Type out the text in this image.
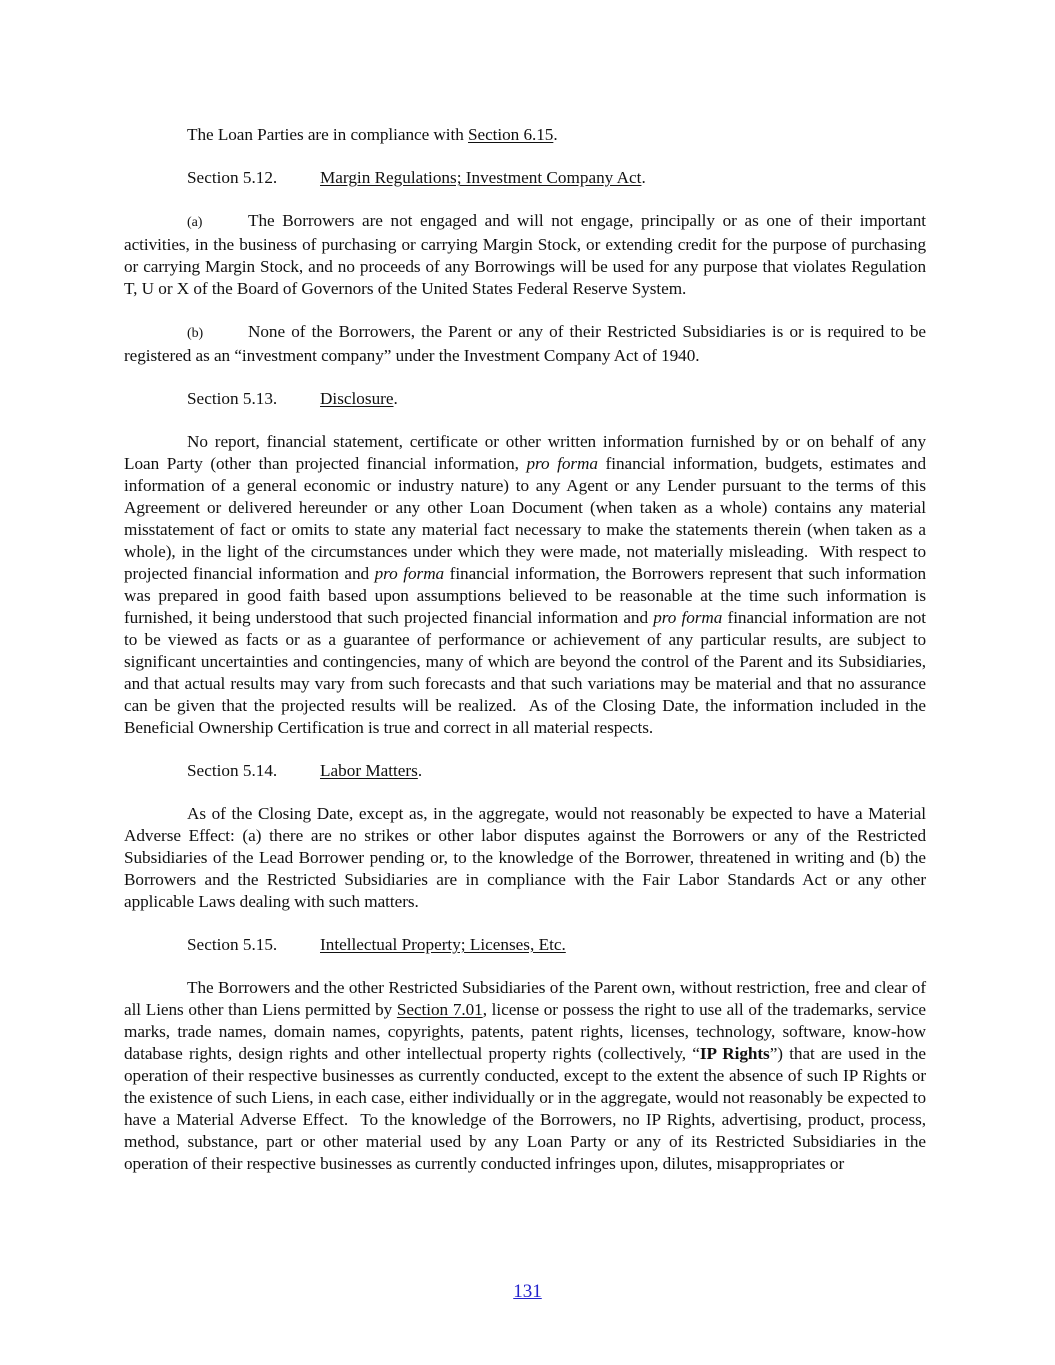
The Loan Parties are in compliance with Section 6.15.

Section 5.12. Margin Regulations; Investment Company Act.

(a)	The Borrowers are not engaged and will not engage, principally or as one of their important activities, in the business of purchasing or carrying Margin Stock, or extending credit for the purpose of purchasing or carrying Margin Stock, and no proceeds of any Borrowings will be used for any purpose that violates Regulation T, U or X of the Board of Governors of the United States Federal Reserve System.

(b)	None of the Borrowers, the Parent or any of their Restricted Subsidiaries is or is required to be registered as an “investment company” under the Investment Company Act of 1940.

Section 5.13. Disclosure.

No report, financial statement, certificate or other written information furnished by or on behalf of any Loan Party (other than projected financial information, pro forma financial information, budgets, estimates and information of a general economic or industry nature) to any Agent or any Lender pursuant to the terms of this Agreement or delivered hereunder or any other Loan Document (when taken as a whole) contains any material misstatement of fact or omits to state any material fact necessary to make the statements therein (when taken as a whole), in the light of the circumstances under which they were made, not materially misleading.  With respect to projected financial information and pro forma financial information, the Borrowers represent that such information was prepared in good faith based upon assumptions believed to be reasonable at the time such information is furnished, it being understood that such projected financial information and pro forma financial information are not to be viewed as facts or as a guarantee of performance or achievement of any particular results, are subject to significant uncertainties and contingencies, many of which are beyond the control of the Parent and its Subsidiaries, and that actual results may vary from such forecasts and that such variations may be material and that no assurance can be given that the projected results will be realized.  As of the Closing Date, the information included in the Beneficial Ownership Certification is true and correct in all material respects.

Section 5.14. Labor Matters.

As of the Closing Date, except as, in the aggregate, would not reasonably be expected to have a Material Adverse Effect: (a) there are no strikes or other labor disputes against the Borrowers or any of the Restricted Subsidiaries of the Lead Borrower pending or, to the knowledge of the Borrower, threatened in writing and (b) the Borrowers and the Restricted Subsidiaries are in compliance with the Fair Labor Standards Act or any other applicable Laws dealing with such matters.

Section 5.15. Intellectual Property; Licenses, Etc.

The Borrowers and the other Restricted Subsidiaries of the Parent own, without restriction, free and clear of all Liens other than Liens permitted by Section 7.01, license or possess the right to use all of the trademarks, service marks, trade names, domain names, copyrights, patents, patent rights, licenses, technology, software, know-how database rights, design rights and other intellectual property rights (collectively, “IP Rights”) that are used in the operation of their respective businesses as currently conducted, except to the extent the absence of such IP Rights or the existence of such Liens, in each case, either individually or in the aggregate, would not reasonably be expected to have a Material Adverse Effect.  To the knowledge of the Borrowers, no IP Rights, advertising, product, process, method, substance, part or other material used by any Loan Party or any of its Restricted Subsidiaries in the operation of their respective businesses as currently conducted infringes upon, dilutes, misappropriates or

131
